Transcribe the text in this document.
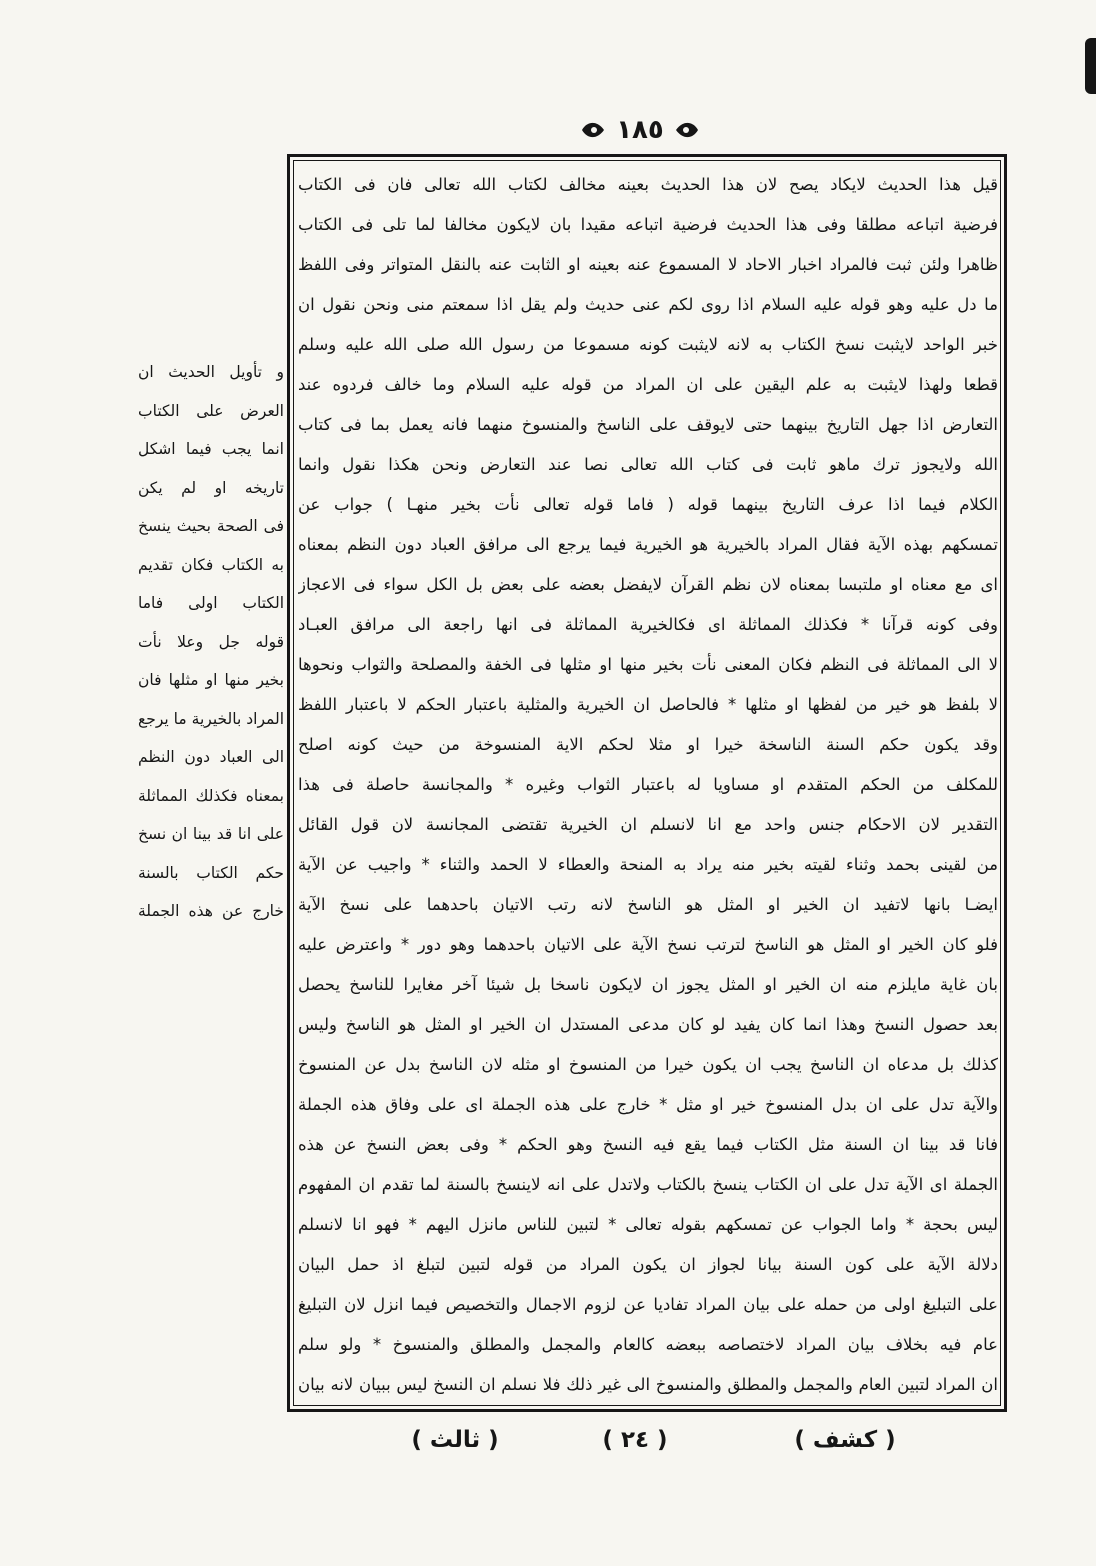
١٨٥
قيل هذا الحديث لايكاد يصح لان هذا الحديث بعينه مخالف لكتاب الله تعالى فان فى الكتاب
فرضية اتباعه مطلقا وفى هذا الحديث فرضية اتباعه مقيدا بان لايكون مخالفا لما تلى فى الكتاب
ظاهرا ولئن ثبت فالمراد اخبار الاحاد لا المسموع عنه بعينه او الثابت عنه بالنقل المتواتر وفى اللفظ
ما دل عليه وهو قوله عليه السلام اذا روى لكم عنى حديث ولم يقل اذا سمعتم منى ونحن نقول ان
خبر الواحد لايثبت نسخ الكتاب به لانه لايثبت كونه مسموعا من رسول الله صلى الله عليه وسلم
قطعا ولهذا لايثبت به علم اليقين على ان المراد من قوله عليه السلام وما خالف فردوه عند
التعارض اذا جهل التاريخ بينهما حتى لايوقف على الناسخ والمنسوخ منهما فانه يعمل بما فى كتاب
الله ولايجوز ترك ماهو ثابت فى كتاب الله تعالى نصا عند التعارض ونحن هكذا نقول وانما
الكلام فيما اذا عرف التاريخ بينهما قوله ( فاما قوله تعالى نأت بخير منهـا ) جواب عن
تمسكهم بهذه الآية فقال المراد بالخيرية هو الخيرية فيما يرجع الى مرافق العباد دون النظم بمعناه
اى مع معناه او ملتبسا بمعناه لان نظم القرآن لايفضل بعضه على بعض بل الكل سواء فى الاعجاز
وفى كونه قرآنا * فكذلك المماثلة اى فكالخيرية المماثلة فى انها راجعة الى مرافق العبـاد
لا الى المماثلة فى النظم فكان المعنى نأت بخير منها او مثلها فى الخفة والمصلحة والثواب ونحوها
لا بلفظ هو خير من لفظها او مثلها * فالحاصل ان الخيرية والمثلية باعتبار الحكم لا باعتبار اللفظ
وقد يكون حكم السنة الناسخة خيرا او مثلا لحكم الاية المنسوخة من حيث كونه اصلح
للمكلف من الحكم المتقدم او مساويا له باعتبار الثواب وغيره * والمجانسة حاصلة فى هذا
التقدير لان الاحكام جنس واحد مع انا لانسلم ان الخيرية تقتضى المجانسة لان قول القائل
من لقينى بحمد وثناء لقيته بخير منه يراد به المنحة والعطاء لا الحمد والثناء * واجيب عن الآية
ايضـا بانها لاتفيد ان الخير او المثل هو الناسخ لانه رتب الاتيان باحدهما على نسخ الآية
فلو كان الخير او المثل هو الناسخ لترتب نسخ الآية على الاتيان باحدهما وهو دور * واعترض عليه
بان غاية مايلزم منه ان الخير او المثل يجوز ان لايكون ناسخا بل شيئا آخر مغايرا للناسخ يحصل
بعد حصول النسخ وهذا انما كان يفيد لو كان مدعى المستدل ان الخير او المثل هو الناسخ وليس
كذلك بل مدعاه ان الناسخ يجب ان يكون خيرا من المنسوخ او مثله لان الناسخ بدل عن المنسوخ
والآية تدل على ان بدل المنسوخ خير او مثل * خارج على هذه الجملة اى على وفاق هذه الجملة
فانا قد بينا ان السنة مثل الكتاب فيما يقع فيه النسخ وهو الحكم * وفى بعض النسخ عن هذه
الجملة اى الآية تدل على ان الكتاب ينسخ بالكتاب ولاتدل على انه لاينسخ بالسنة لما تقدم ان المفهوم
ليس بحجة * واما الجواب عن تمسكهم بقوله تعالى * لتبين للناس مانزل اليهم * فهو انا لانسلم
دلالة الآية على كون السنة بيانا لجواز ان يكون المراد من قوله لتبين لتبلغ اذ حمل البيان
على التبليغ اولى من حمله على بيان المراد تفاديا عن لزوم الاجمال والتخصيص فيما انزل لان التبليغ
عام فيه بخلاف بيان المراد لاختصاصه ببعضه كالعام والمجمل والمطلق والمنسوخ * ولو سلم
ان المراد لتبين العام والمجمل والمطلق والمنسوخ الى غير ذلك فلا نسلم ان النسخ ليس ببيان لانه بيان
و تأويل الحديث ان
العرض على الكتاب
انما يجب فيما اشكل
تاريخه او لم يكن
فى الصحة بحيث ينسخ
به الكتاب فكان تقديم
الكتاب اولى فاما
قوله جل وعلا نأت
بخير منها او مثلها فان
المراد بالخيرية ما يرجع
الى العباد دون النظم
بمعناه فكذلك المماثلة
على انا قد بينا ان نسخ
حكم الكتاب بالسنة
خارج عن هذه الجملة
( كشف )
( ٢٤ )
( ثالث )
